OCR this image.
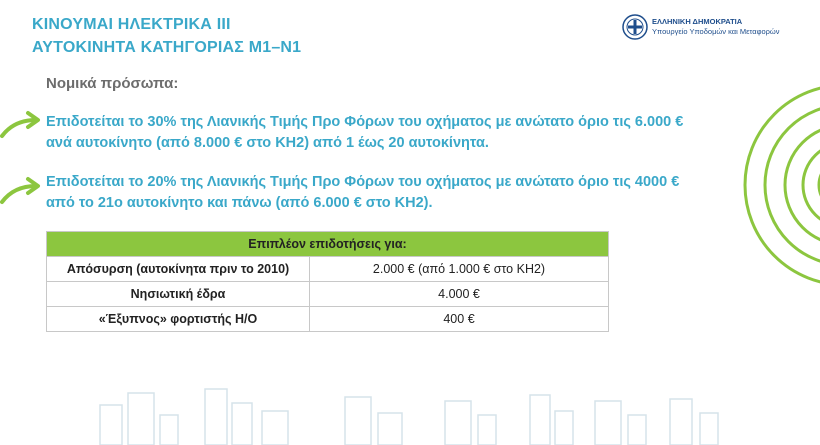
ΚΙΝΟΥΜΑΙ ΗΛΕΚΤΡΙΚΑ ΙΙΙ
ΑΥΤΟΚΙΝΗΤΑ ΚΑΤΗΓΟΡΙΑΣ Μ1–Ν1
ΕΛΛΗΝΙΚΗ ΔΗΜΟΚΡΑΤΙΑ
Υπουργείο Υποδομών και Μεταφορών
Νομικά πρόσωπα:
Επιδοτείται το 30% της Λιανικής Τιμής Προ Φόρων του οχήματος με ανώτατο όριο τις 6.000 € ανά αυτοκίνητο (από 8.000 € στο ΚΗ2) από 1 έως 20 αυτοκίνητα.
Επιδοτείται το 20% της Λιανικής Τιμής Προ Φόρων του οχήματος με ανώτατο όριο τις 4000 € από το 21ο αυτοκίνητο και πάνω (από 6.000 € στο ΚΗ2).
Επιπλέον επιδοτήσεις για:	
Απόσυρση (αυτοκίνητα πριν το 2010)	2.000 € (από 1.000 € στο ΚΗ2)
Νησιωτική έδρα	4.000 €
«Έξυπνος» φορτιστής Η/Ο	400 €
